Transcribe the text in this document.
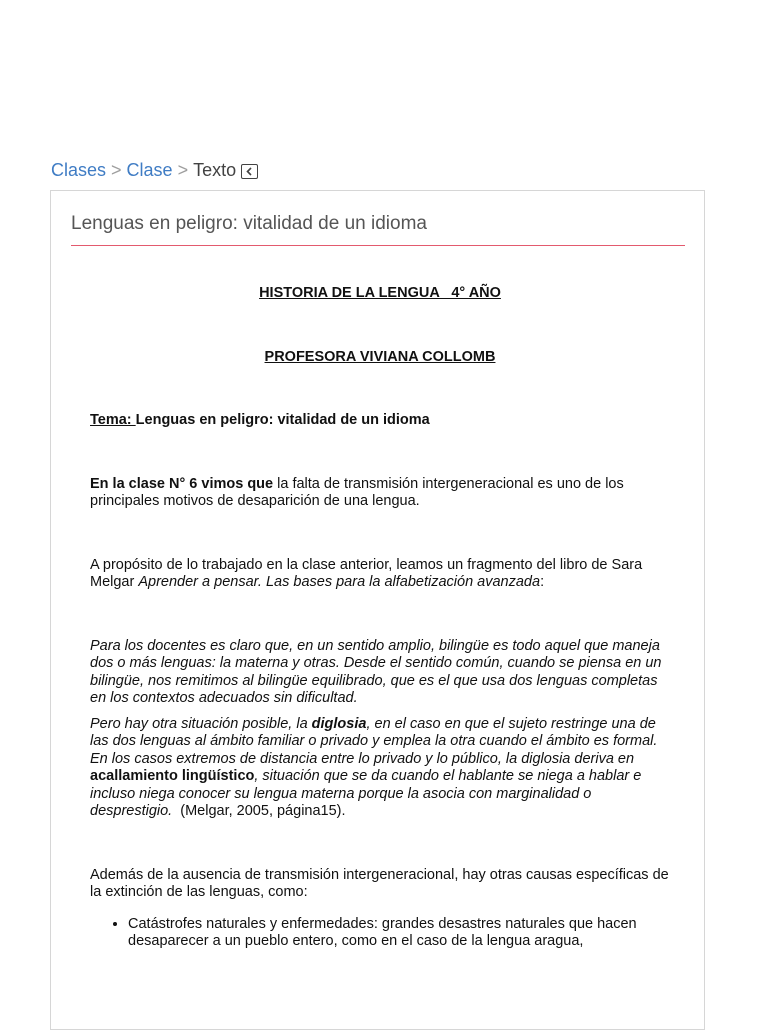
Clases > Clase > Texto
Lenguas en peligro: vitalidad de un idioma

HISTORIA DE LA LENGUA   4° AÑO

PROFESORA VIVIANA COLLOMB

Tema: Lenguas en peligro: vitalidad de un idioma

En la clase N° 6 vimos que la falta de transmisión intergeneracional es uno de los principales motivos de desaparición de una lengua.

A propósito de lo trabajado en la clase anterior, leamos un fragmento del libro de Sara Melgar Aprender a pensar. Las bases para la alfabetización avanzada:

Para los docentes es claro que, en un sentido amplio, bilingüe es todo aquel que maneja dos o más lenguas: la materna y otras. Desde el sentido común, cuando se piensa en un bilingüe, nos remitimos al bilingüe equilibrado, que es el que usa dos lenguas completas en los contextos adecuados sin dificultad.

Pero hay otra situación posible, la diglosia, en el caso en que el sujeto restringe una de las dos lenguas al ámbito familiar o privado y emplea la otra cuando el ámbito es formal. En los casos extremos de distancia entre lo privado y lo público, la diglosia deriva en acallamiento lingüístico, situación que se da cuando el hablante se niega a hablar e incluso niega conocer su lengua materna porque la asocia con marginalidad o desprestigio.  (Melgar, 2005, página15).

Además de la ausencia de transmisión intergeneracional, hay otras causas específicas de la extinción de las lenguas, como:

• Catástrofes naturales y enfermedades: grandes desastres naturales que hacen desaparecer a un pueblo entero, como en el caso de la lengua aragua,
